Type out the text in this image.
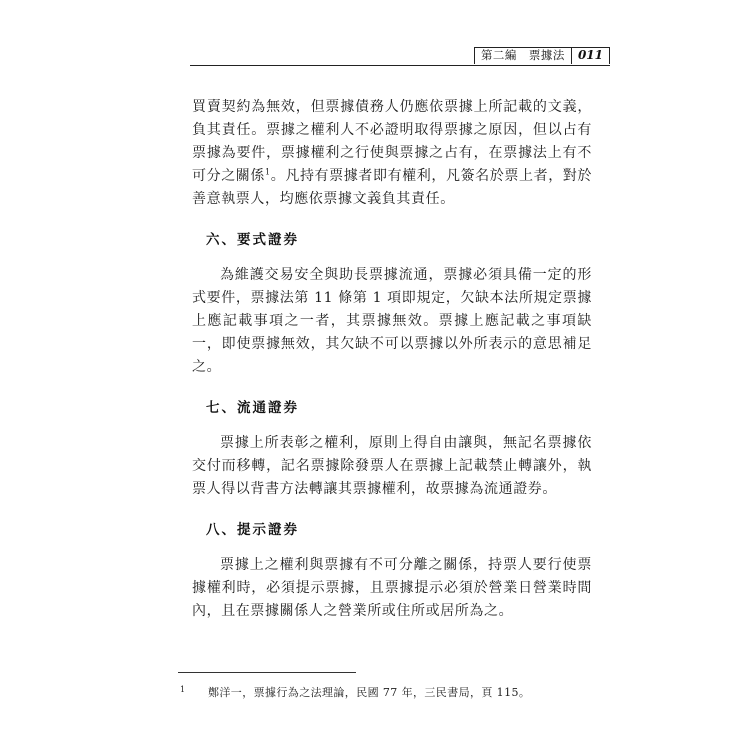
第二編　票據法	011

買賣契約為無效，但票據債務人仍應依票據上所記載的文義，負其責任。票據之權利人不必證明取得票據之原因，但以占有票據為要件，票據權利之行使與票據之占有，在票據法上有不可分之關係$^1$。凡持有票據者即有權利，凡簽名於票上者，對於善意執票人，均應依票據文義負其責任。

六、要式證券

為維護交易安全與助長票據流通，票據必須具備一定的形式要件，票據法第 11 條第 1 項即規定，欠缺本法所規定票據上應記載事項之一者，其票據無效。票據上應記載之事項缺一，即使票據無效，其欠缺不可以票據以外所表示的意思補足之。

七、流通證券

票據上所表彰之權利，原則上得自由讓與，無記名票據依交付而移轉，記名票據除發票人在票據上記載禁止轉讓外，執票人得以背書方法轉讓其票據權利，故票據為流通證券。

八、提示證券

票據上之權利與票據有不可分離之關係，持票人要行使票據權利時，必須提示票據，且票據提示必須於營業日營業時間內，且在票據關係人之營業所或住所或居所為之。

1	鄭洋一，票據行為之法理論，民國 77 年，三民書局，頁 115。
